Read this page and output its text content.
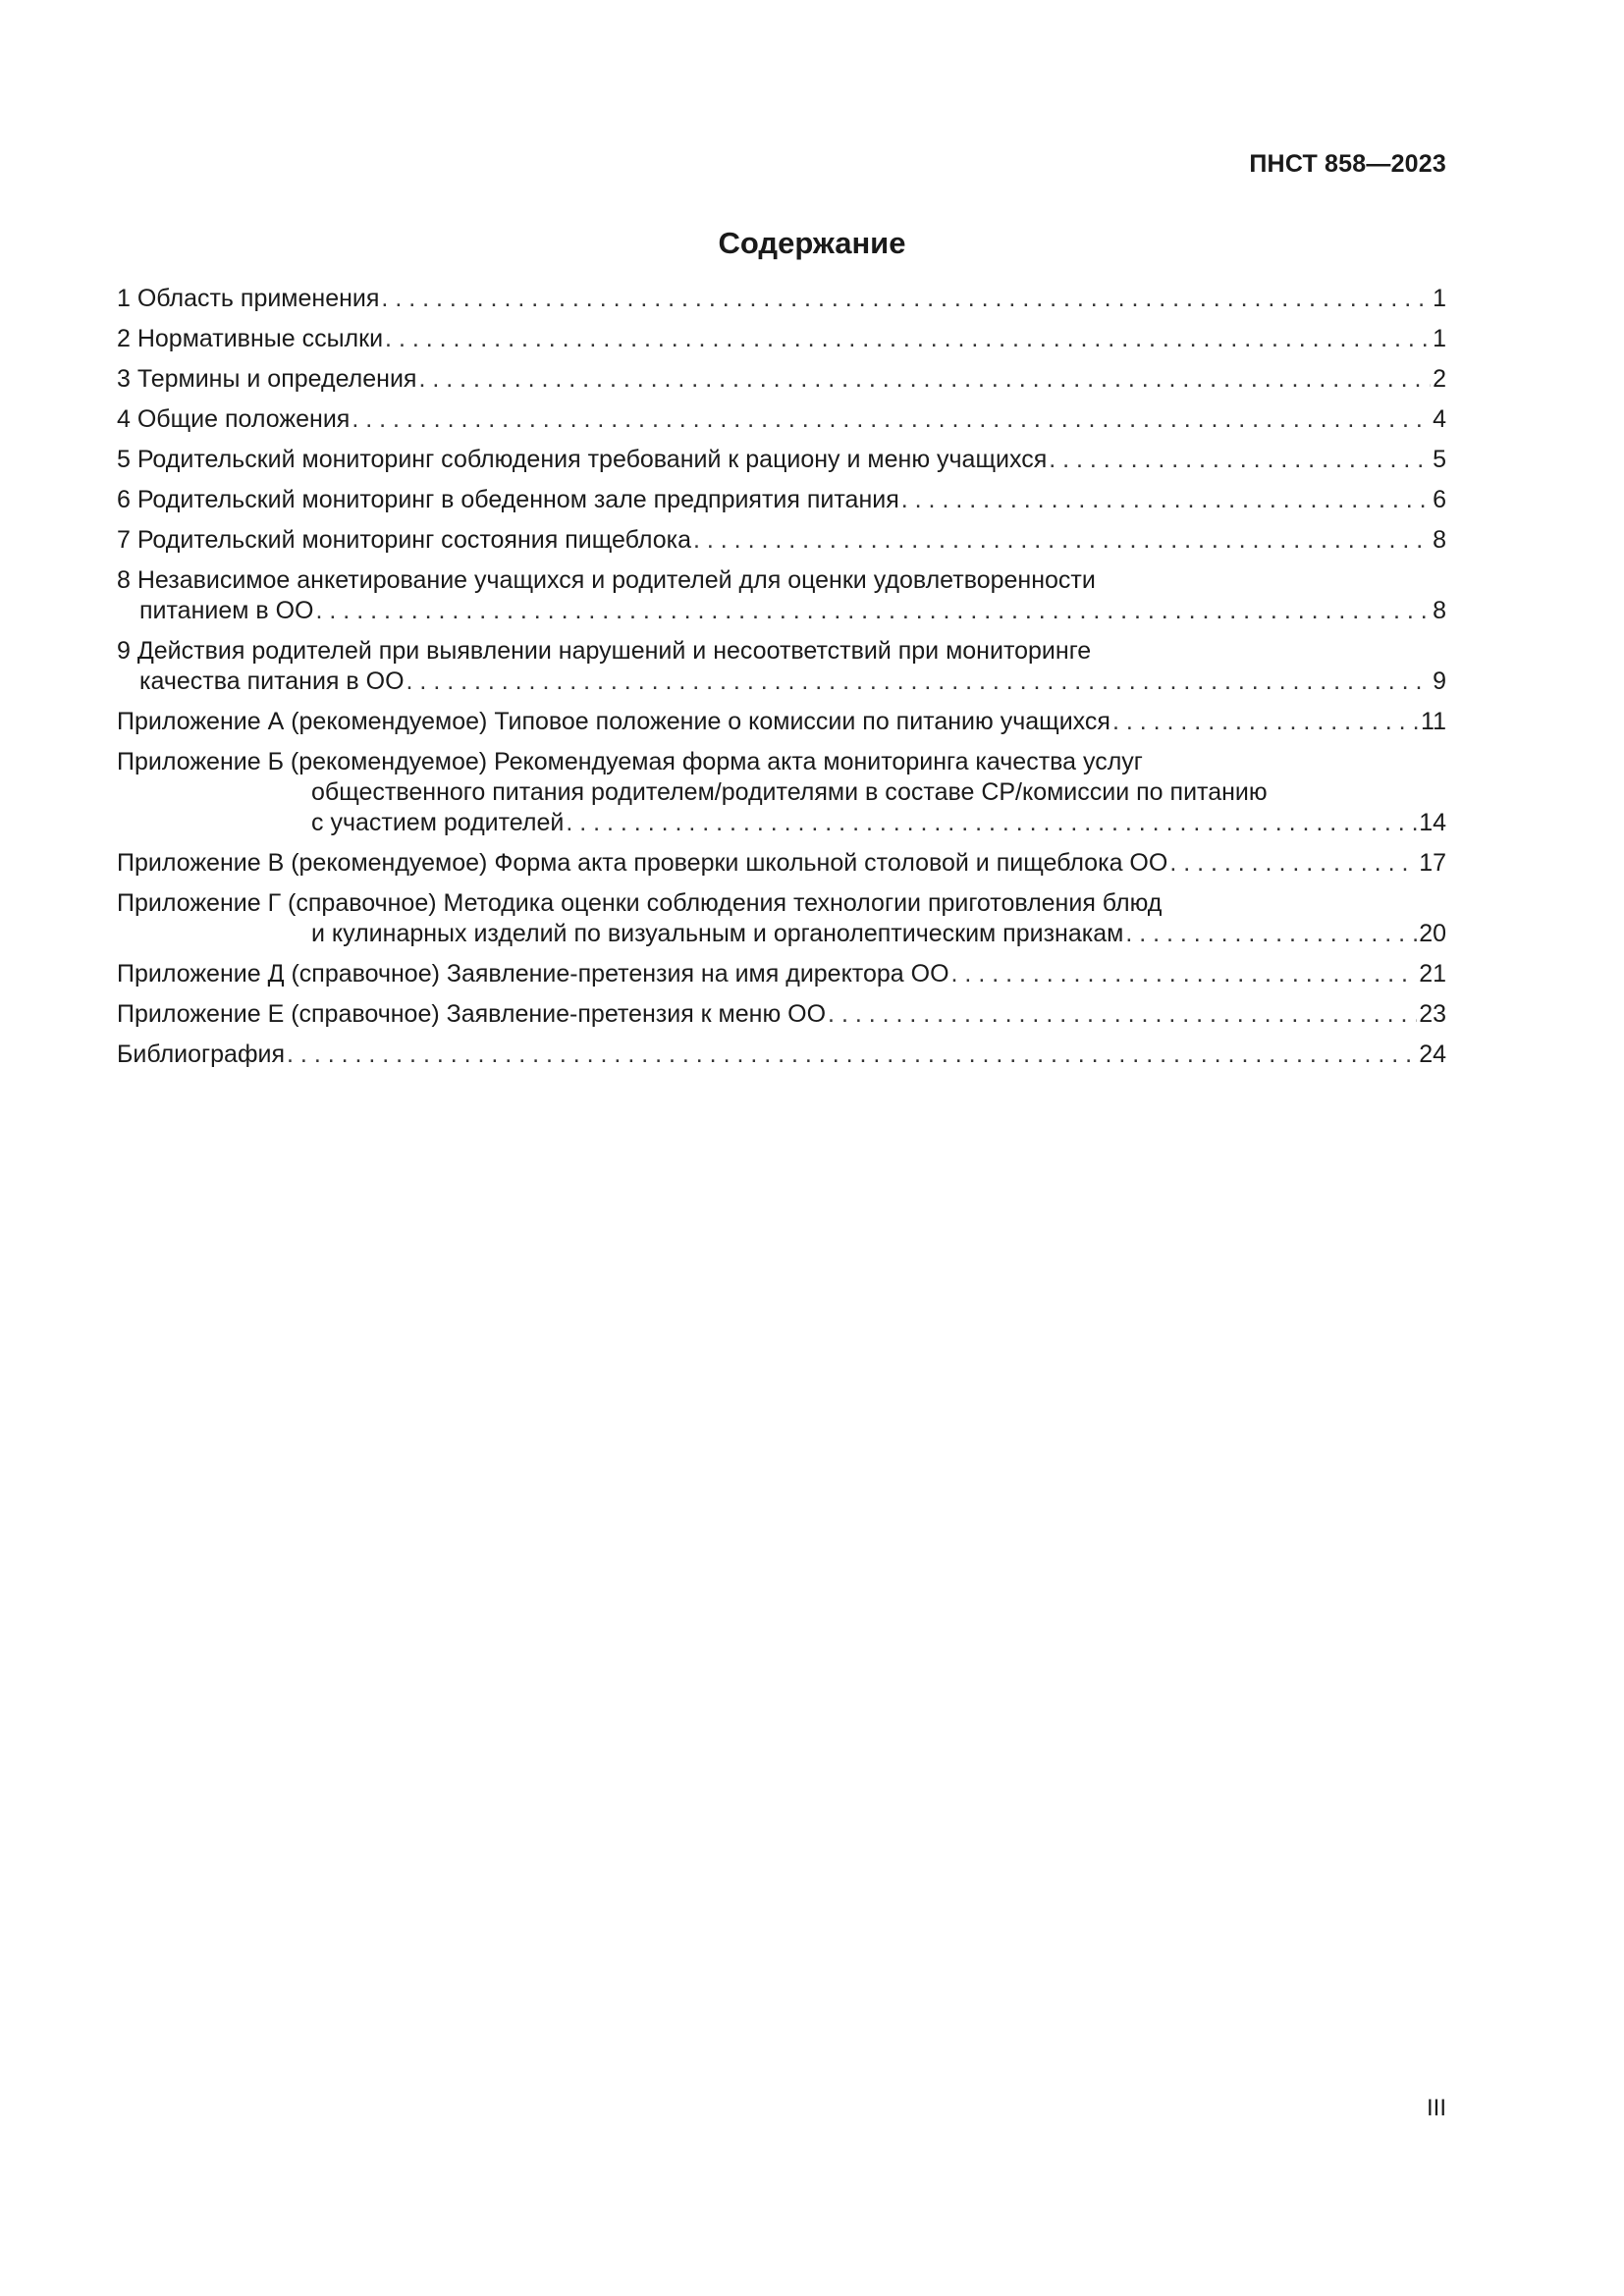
ПНСТ 858—2023
Содержание
1 Область применения . . .	1
2 Нормативные ссылки . . .	1
3 Термины и определения . . .	2
4 Общие положения . . .	4
5 Родительский мониторинг соблюдения требований к рациону и меню учащихся . . .	5
6 Родительский мониторинг в обеденном зале предприятия питания . . .	6
7 Родительский мониторинг состояния пищеблока . . .	8
8 Независимое анкетирование учащихся и родителей для оценки удовлетворенности
питанием в ОО . . .	8
9 Действия родителей при выявлении нарушений и несоответствий при мониторинге
качества питания в ОО . . .	9
Приложение А (рекомендуемое) Типовое положение о комиссии по питанию учащихся . . .	11
Приложение Б (рекомендуемое) Рекомендуемая форма акта мониторинга качества услуг
общественного питания родителем/родителями в составе СР/комиссии по питанию
с участием родителей . . .	14
Приложение В (рекомендуемое) Форма акта проверки школьной столовой и пищеблока ОО . . .	17
Приложение Г (справочное) Методика оценки соблюдения технологии приготовления блюд
и кулинарных изделий по визуальным и органолептическим признакам . . .	20
Приложение Д (справочное) Заявление-претензия на имя директора ОО . . .	21
Приложение Е (справочное) Заявление-претензия к меню ОО . . .	23
Библиография . . .	24
III
